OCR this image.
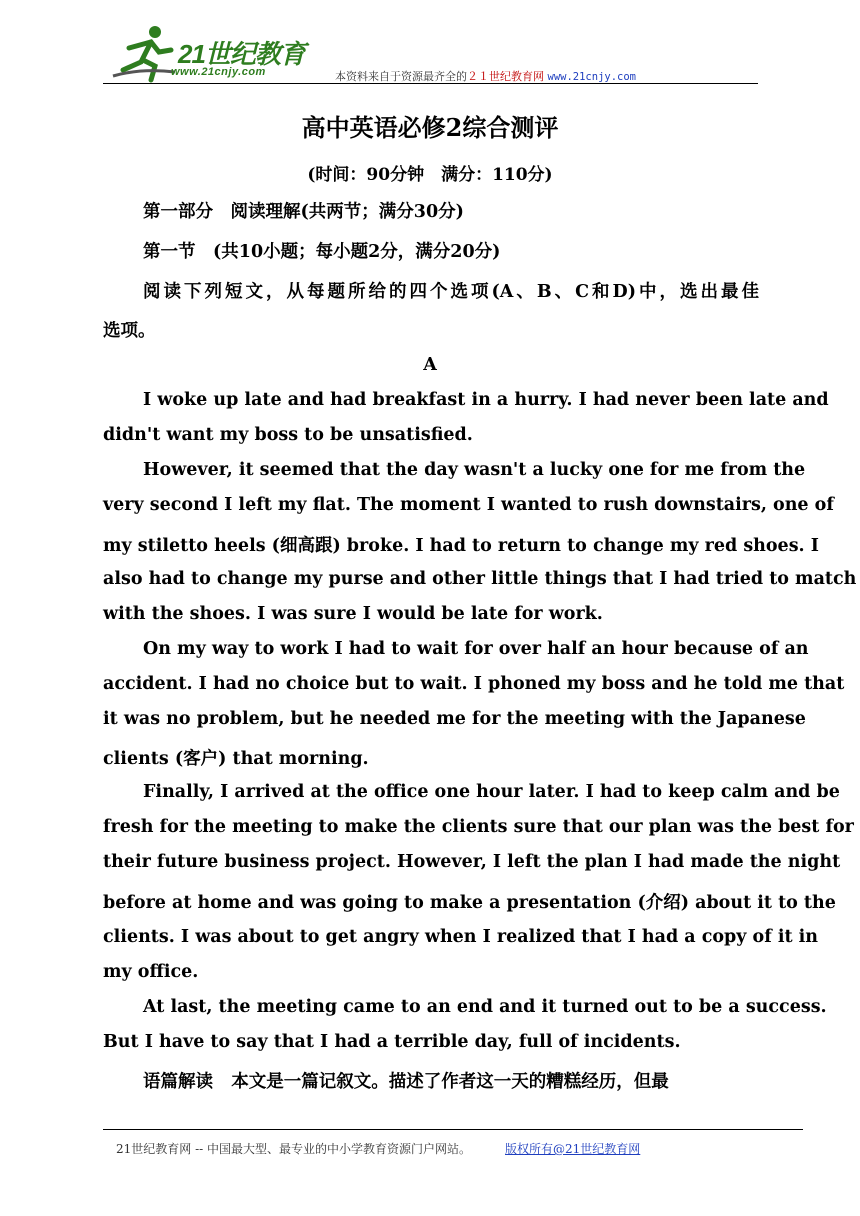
21世纪教育
www.21cnjy.com	本资料来自于资源最齐全的２１世纪教育网 www.21cnjy.com
高中英语必修2综合测评
(时间：90分钟　满分：110分)
第一部分　阅读理解(共两节；满分30分)
第一节　(共10小题；每小题2分，满分20分)
阅读下列短文，从每题所给的四个选项(A、B、C和D)中，选出最佳
选项。
A
I woke up late and had breakfast in a hurry. I had never been late and
didn't want my boss to be unsatisfied.
However, it seemed that the day wasn't a lucky one for me from the
very second I left my flat. The moment I wanted to rush downstairs, one of
my stiletto heels (细高跟) broke. I had to return to change my red shoes. I
also had to change my purse and other little things that I had tried to match
with the shoes. I was sure I would be late for work.
On my way to work I had to wait for over half an hour because of an
accident. I had no choice but to wait. I phoned my boss and he told me that
it was no problem, but he needed me for the meeting with the Japanese
clients (客户) that morning.
Finally, I arrived at the office one hour later. I had to keep calm and be
fresh for the meeting to make the clients sure that our plan was the best for
their future business project. However, I left the plan I had made the night
before at home and was going to make a presentation (介绍) about it to the
clients. I was about to get angry when I realized that I had a copy of it in
my office.
At last, the meeting came to an end and it turned out to be a success.
But I have to say that I had a terrible day, full of incidents.
语篇解读 本文是一篇记叙文。描述了作者这一天的糟糕经历，但最
21世纪教育网 -- 中国最大型、最专业的中小学教育资源门户网站。	版权所有@21世纪教育网
